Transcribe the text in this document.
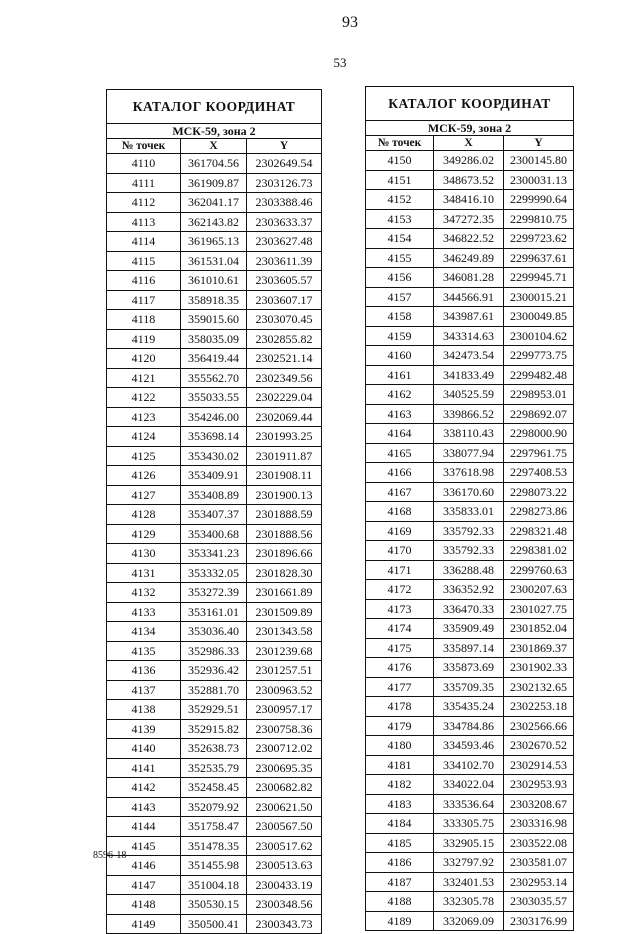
93
53
КАТАЛОГ КООРДИНАТ		
МСК-59, зона 2		
№ точек	X	Y
4110	361704.56	2302649.54
4111	361909.87	2303126.73
4112	362041.17	2303388.46
4113	362143.82	2303633.37
4114	361965.13	2303627.48
4115	361531.04	2303611.39
4116	361010.61	2303605.57
4117	358918.35	2303607.17
4118	359015.60	2303070.45
4119	358035.09	2302855.82
4120	356419.44	2302521.14
4121	355562.70	2302349.56
4122	355033.55	2302229.04
4123	354246.00	2302069.44
4124	353698.14	2301993.25
4125	353430.02	2301911.87
4126	353409.91	2301908.11
4127	353408.89	2301900.13
4128	353407.37	2301888.59
4129	353400.68	2301888.56
4130	353341.23	2301896.66
4131	353332.05	2301828.30
4132	353272.39	2301661.89
4133	353161.01	2301509.89
4134	353036.40	2301343.58
4135	352986.33	2301239.68
4136	352936.42	2301257.51
4137	352881.70	2300963.52
4138	352929.51	2300957.17
4139	352915.82	2300758.36
4140	352638.73	2300712.02
4141	352535.79	2300695.35
4142	352458.45	2300682.82
4143	352079.92	2300621.50
4144	351758.47	2300567.50
4145	351478.35	2300517.62
4146	351455.98	2300513.63
4147	351004.18	2300433.19
4148	350530.15	2300348.56
4149	350500.41	2300343.73
КАТАЛОГ КООРДИНАТ		
МСК-59, зона 2		
№ точек	X	Y
4150	349286.02	2300145.80
4151	348673.52	2300031.13
4152	348416.10	2299990.64
4153	347272.35	2299810.75
4154	346822.52	2299723.62
4155	346249.89	2299637.61
4156	346081.28	2299945.71
4157	344566.91	2300015.21
4158	343987.61	2300049.85
4159	343314.63	2300104.62
4160	342473.54	2299773.75
4161	341833.49	2299482.48
4162	340525.59	2298953.01
4163	339866.52	2298692.07
4164	338110.43	2298000.90
4165	338077.94	2297961.75
4166	337618.98	2297408.53
4167	336170.60	2298073.22
4168	335833.01	2298273.86
4169	335792.33	2298321.48
4170	335792.33	2298381.02
4171	336288.48	2299760.63
4172	336352.92	2300207.63
4173	336470.33	2301027.75
4174	335909.49	2301852.04
4175	335897.14	2301869.37
4176	335873.69	2301902.33
4177	335709.35	2302132.65
4178	335435.24	2302253.18
4179	334784.86	2302566.66
4180	334593.46	2302670.52
4181	334102.70	2302914.53
4182	334022.04	2302953.93
4183	333536.64	2303208.67
4184	333305.75	2303316.98
4185	332905.15	2303522.08
4186	332797.92	2303581.07
4187	332401.53	2302953.14
4188	332305.78	2303035.57
4189	332069.09	2303176.99
8596-18
